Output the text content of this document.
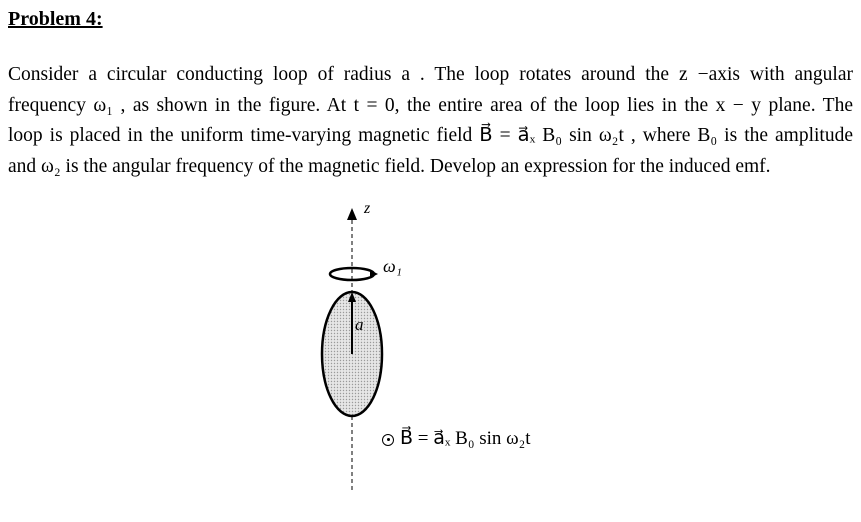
Problem 4:
Consider a circular conducting loop of radius a . The loop rotates around the z −axis with angular
frequency ω₁ , as shown in the figure. At t = 0, the entire area of the loop lies in the x − y plane. The
loop is placed in the uniform time-varying magnetic field B⃗ = a⃗ₓ B₀ sin ω₂t , where B₀ is the amplitude
and ω₂ is the angular frequency of the magnetic field. Develop an expression for the induced emf.
z
ω₁
a
B⃗ = a⃗ₓ B₀ sin ω₂t
